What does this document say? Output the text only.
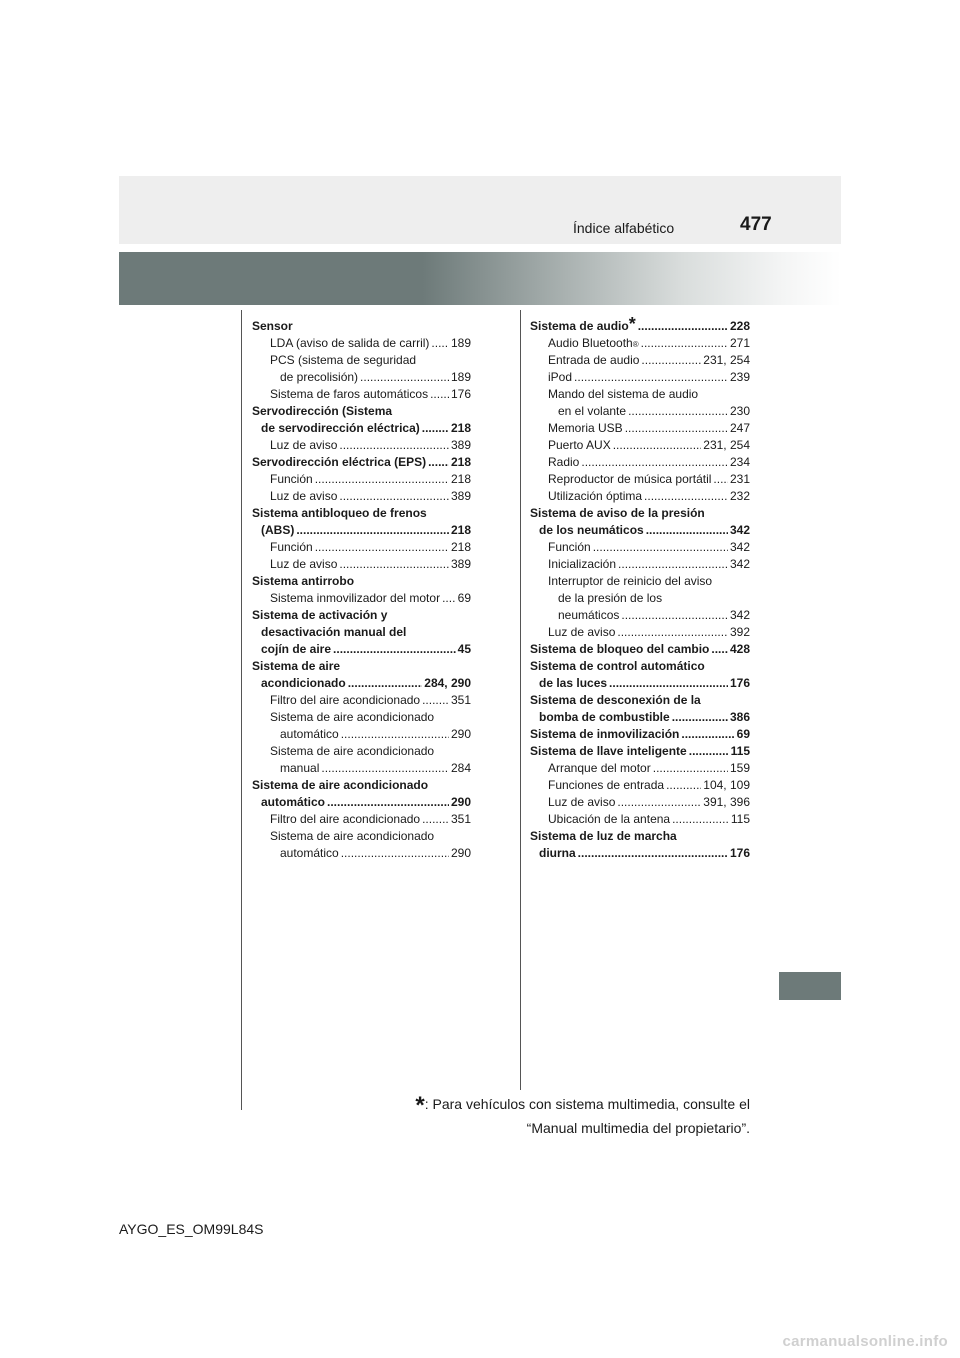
Índice alfabético	477
Sensor
LDA (aviso de salida de carril) ..... 189
PCS (sistema de seguridad
de precolisión) .....	189
Sistema de faros automáticos ..... 176
Servodirección (Sistema
de servodirección eléctrica) .....	218
Luz de aviso .....	389
Servodirección eléctrica (EPS) ..... 218
Función .....	218
Luz de aviso .....	389
Sistema antibloqueo de frenos
(ABS) .....	218
Función .....	218
Luz de aviso .....	389
Sistema antirrobo
Sistema inmovilizador del motor ..... 69
Sistema de activación y
desactivación manual del
cojín de aire .....	45
Sistema de aire
acondicionado .....	284, 290
Filtro del aire acondicionado .....	351
Sistema de aire acondicionado
automático .....	290
Sistema de aire acondicionado
manual .....	284
Sistema de aire acondicionado
automático .....	290
Filtro del aire acondicionado .....	351
Sistema de aire acondicionado
automático .....	290
Sistema de audio * .....	228
Audio Bluetooth ® .....	271
Entrada de audio .....	231, 254
iPod .....	239
Mando del sistema de audio
en el volante .....	230
Memoria USB .....	247
Puerto AUX .....	231, 254
Radio .....	234
Reproductor de música portátil ..... 231
Utilización óptima .....	232
Sistema de aviso de la presión
de los neumáticos .....	342
Función .....	342
Inicialización .....	342
Interruptor de reinicio del aviso
de la presión de los
neumáticos .....	342
Luz de aviso .....	392
Sistema de bloqueo del cambio ..... 428
Sistema de control automático
de las luces .....	176
Sistema de desconexión de la
bomba de combustible .....	386
Sistema de inmovilización .....	69
Sistema de llave inteligente .....	115
Arranque del motor .....	159
Funciones de entrada .....	104, 109
Luz de aviso .....	391, 396
Ubicación de la antena .....	115
Sistema de luz de marcha
diurna .....	176
*: Para vehículos con sistema multimedia, consulte el
“Manual multimedia del propietario”.
AYGO_ES_OM99L84S
carmanualsonline.info
